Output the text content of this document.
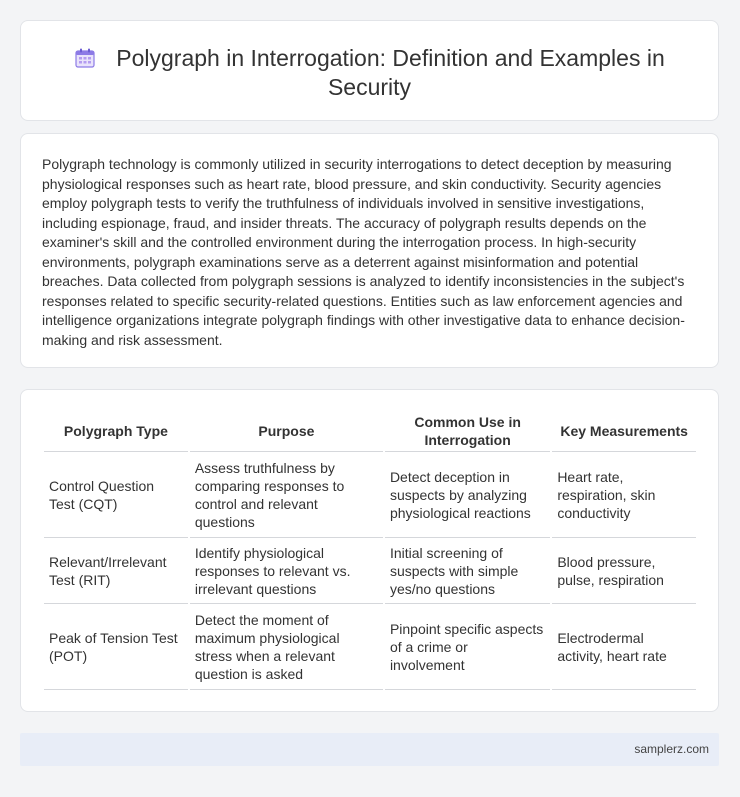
Polygraph in Interrogation: Definition and Examples in Security

Polygraph technology is commonly utilized in security interrogations to detect deception by measuring physiological responses such as heart rate, blood pressure, and skin conductivity. Security agencies employ polygraph tests to verify the truthfulness of individuals involved in sensitive investigations, including espionage, fraud, and insider threats. The accuracy of polygraph results depends on the examiner's skill and the controlled environment during the interrogation process. In high-security environments, polygraph examinations serve as a deterrent against misinformation and potential breaches. Data collected from polygraph sessions is analyzed to identify inconsistencies in the subject's responses related to specific security-related questions. Entities such as law enforcement agencies and intelligence organizations integrate polygraph findings with other investigative data to enhance decision-making and risk assessment.

Polygraph Type	Purpose	Common Use in Interrogation	Key Measurements
Control Question Test (CQT)	Assess truthfulness by comparing responses to control and relevant questions	Detect deception in suspects by analyzing physiological reactions	Heart rate, respiration, skin conductivity
Relevant/Irrelevant Test (RIT)	Identify physiological responses to relevant vs. irrelevant questions	Initial screening of suspects with simple yes/no questions	Blood pressure, pulse, respiration
Peak of Tension Test (POT)	Detect the moment of maximum physiological stress when a relevant question is asked	Pinpoint specific aspects of a crime or involvement	Electrodermal activity, heart rate
samplerz.com
